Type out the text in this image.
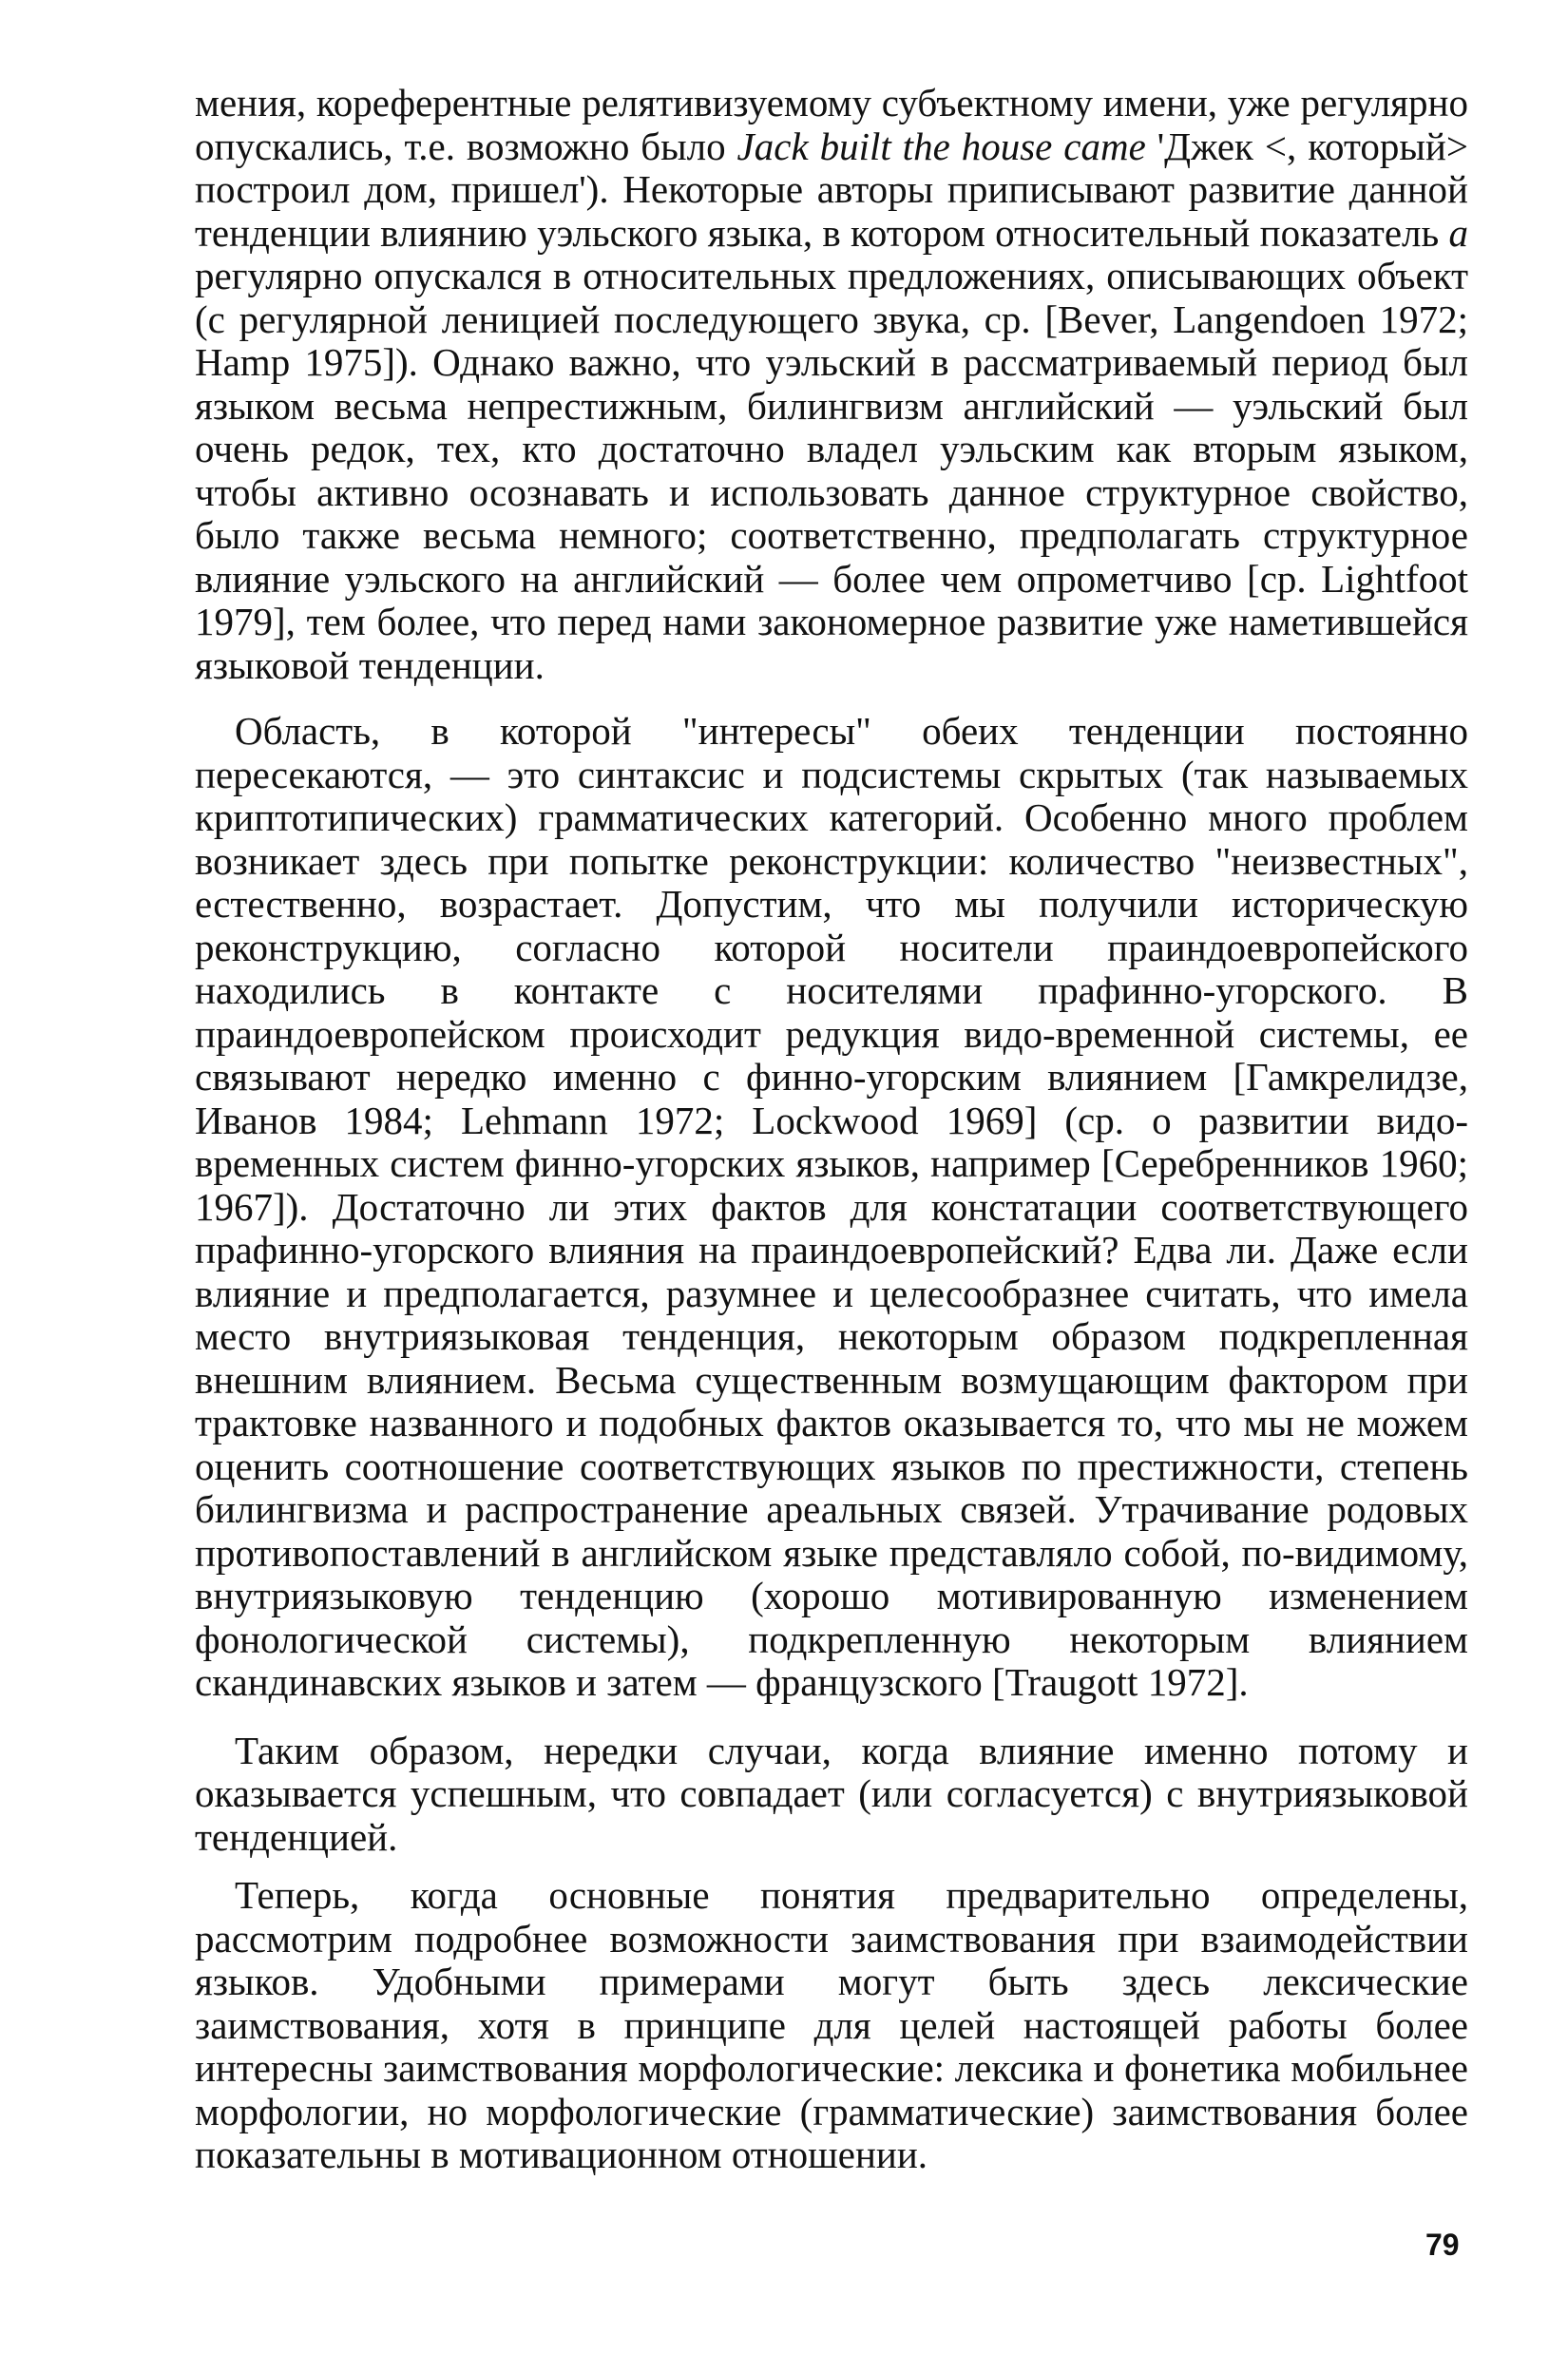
мения, кореферентные релятивизуемому субъектному имени, уже регулярно опускались, т.е. возможно было Jack built the house came 'Джек <, который> построил дом, пришел'). Некоторые авторы приписывают развитие данной тенденции влиянию уэльского языка, в котором относительный показатель а регулярно опускался в относительных предложениях, описывающих объект (с регулярной леницией последующего звука, ср. [Bever, Langendoen 1972; Hamp 1975]). Однако важно, что уэльский в рассматриваемый период был языком весьма непрестижным, билингвизм английский — уэльский был очень редок, тех, кто достаточно владел уэльским как вторым языком, чтобы активно осознавать и использовать данное структурное свойство, было также весьма немного; соответственно, предполагать структурное влияние уэльского на английский — более чем опрометчиво [ср. Lightfoot 1979], тем более, что перед нами закономерное развитие уже наметившейся языковой тенденции.

Область, в которой "интересы" обеих тенденции постоянно пересекаются, — это синтаксис и подсистемы скрытых (так называемых криптотипических) грамматических категорий. Особенно много проблем возникает здесь при попытке реконструкции: количество "неизвестных", естественно, возрастает. Допустим, что мы получили историческую реконструкцию, согласно которой носители праиндоевропейского находились в контакте с носителями прафинно-угорского. В праиндоевропейском происходит редукция видо-временной системы, ее связывают нередко именно с финно-угорским влиянием [Гамкрелидзе, Иванов 1984; Lehmann 1972; Lockwood 1969] (ср. о развитии видо-временных систем финно-угорских языков, например [Серебренников 1960; 1967]). Достаточно ли этих фактов для констатации соответствующего прафинно-угорского влияния на праиндоевропейский? Едва ли. Даже если влияние и предполагается, разумнее и целесообразнее считать, что имела место внутриязыковая тенденция, некоторым образом подкрепленная внешним влиянием. Весьма существенным возмущающим фактором при трактовке названного и подобных фактов оказывается то, что мы не можем оценить соотношение соответствующих языков по престижности, степень билингвизма и распространение ареальных связей. Утрачивание родовых противопоставлений в английском языке представляло собой, по-видимому, внутриязыковую тенденцию (хорошо мотивированную изменением фонологической системы), подкрепленную некоторым влиянием скандинавских языков и затем — французского [Traugott 1972].

Таким образом, нередки случаи, когда влияние именно потому и оказывается успешным, что совпадает (или согласуется) с внутриязыковой тенденцией.

Теперь, когда основные понятия предварительно определены, рассмотрим подробнее возможности заимствования при взаимодействии языков. Удобными примерами могут быть здесь лексические заимствования, хотя в принципе для целей настоящей работы более интересны заимствования морфологические: лексика и фонетика мобильнее морфологии, но морфологические (грамматические) заимствования более показательны в мотивационном отношении.

79
